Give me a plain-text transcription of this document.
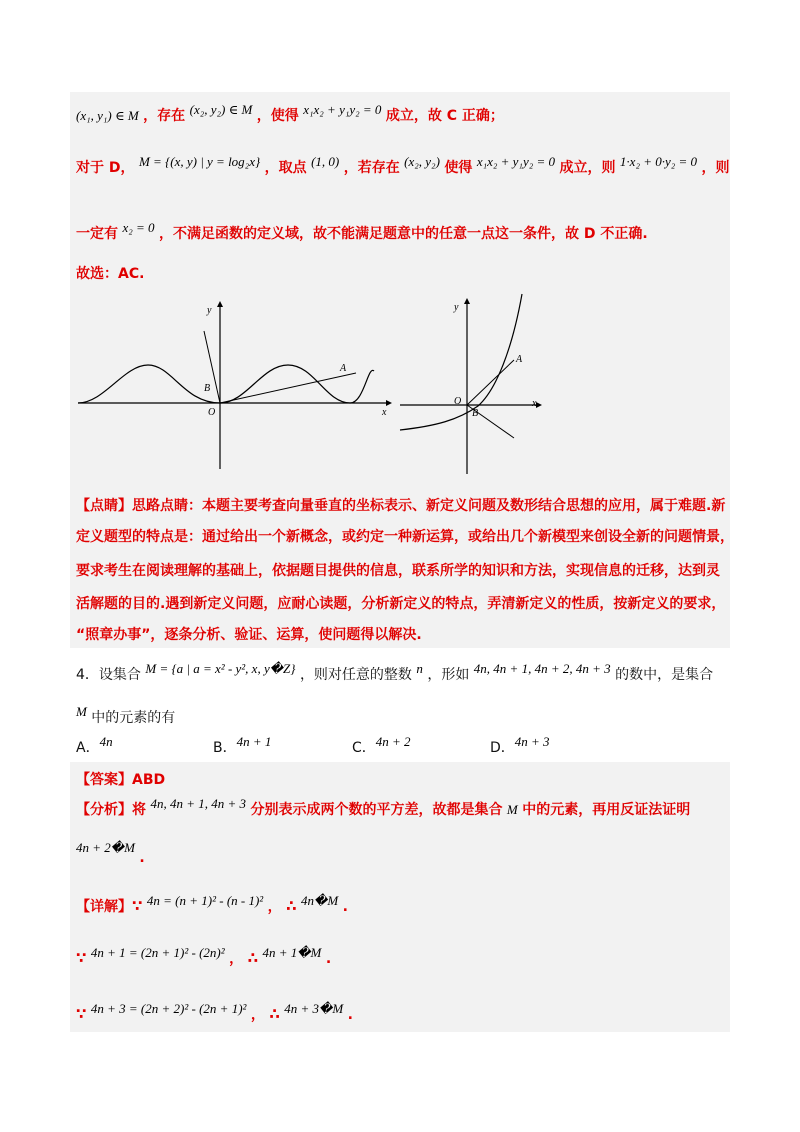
(x₁, y₁) ∈ M ，存在 (x₂, y₂) ∈ M ，使得 x₁x₂ + y₁y₂ = 0 成立，故 C 正确；
对于 D， M = {(x, y) | y = log₂x} ，取点 (1, 0) ，若存在 (x₂, y₂) 使得 x₁x₂ + y₁y₂ = 0 成立，则 1·x₂ + 0·y₂ = 0 ，则
一定有 x₂ = 0 ，不满足函数的定义域，故不能满足题意中的任意一点这一条件，故 D 不正确.
故选：AC.
y
x
O
A
B
y
x
O
A
B
【点睛】思路点睛：本题主要考查向量垂直的坐标表示、新定义问题及数形结合思想的应用，属于难题.新
定义题型的特点是：通过给出一个新概念，或约定一种新运算，或给出几个新模型来创设全新的问题情景，
要求考生在阅读理解的基础上，依据题目提供的信息，联系所学的知识和方法，实现信息的迁移，达到灵
活解题的目的.遇到新定义问题，应耐心读题，分析新定义的特点，弄清新定义的性质，按新定义的要求，
“照章办事”，逐条分析、验证、运算，使问题得以解决.
4．设集合 M = {a | a = x² - y², x, y�Z} ，则对任意的整数 n ，形如 4n, 4n + 1, 4n + 2, 4n + 3 的数中，是集合
M 中的元素的有
A．4n	B．4n + 1	C．4n + 2	D．4n + 3
【答案】ABD
【分析】将 4n, 4n + 1, 4n + 3 分别表示成两个数的平方差，故都是集合 M 中的元素，再用反证法证明
4n + 2�M .
【详解】∵ 4n = (n + 1)² - (n - 1)² ， ∴ 4n�M .
∵ 4n + 1 = (2n + 1)² - (2n)² ， ∴ 4n + 1�M .
∵ 4n + 3 = (2n + 2)² - (2n + 1)² ， ∴ 4n + 3�M .
